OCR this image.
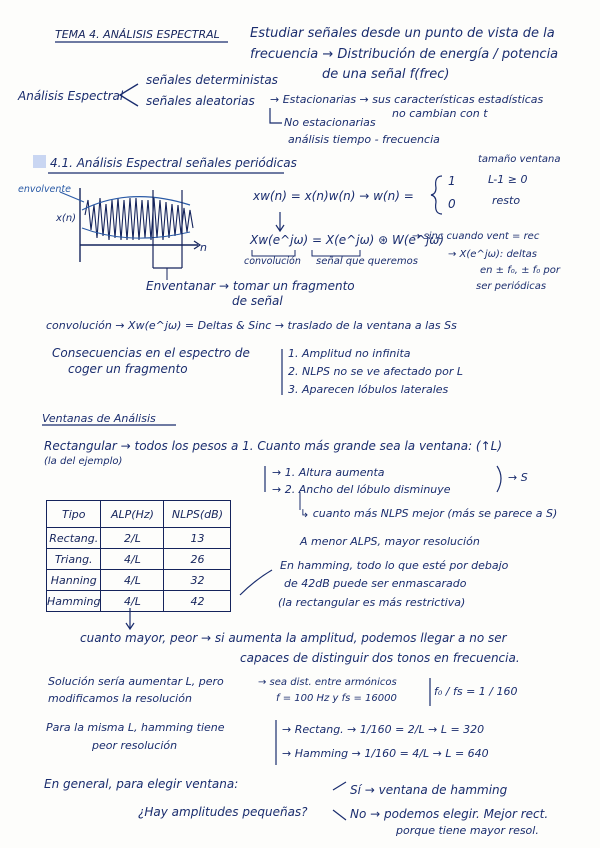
TEMA 4. ANÁLISIS ESPECTRAL Estudiar señales desde un punto de vista de la
frecuencia → Distribución de energía / potencia
de una señal f(frec)
Análisis Espectral
señales deterministas
señales aleatorias → Estacionarias → sus características estadísticas
no cambian con t
No estacionarias
análisis tiempo - frecuencia
4.1. Análisis Espectral señales periódicas
envolvente
x(n)
n
xw(n) = x(n)w(n) → w(n) =
1
0
tamaño ventana
L-1 ≥ 0
resto
Xw(e^jω) = X(e^jω) ⊛ W(e^jω)
convolución
→ sinc cuando vent = rec
señal que queremos
→ X(e^jω): deltas
en ± f₀, ± f₀ por
ser periódicas
Enventanar → tomar un fragmento
de señal
convolución → Xw(e^jω) = Deltas & Sinc → traslado de la ventana a las Ss
Consecuencias en el espectro de
coger un fragmento
1. Amplitud no infinita
2. NLPS no se ve afectado por L
3. Aparecen lóbulos laterales
Ventanas de Análisis
Rectangular → todos los pesos a 1. Cuanto más grande sea la ventana: (↑L)
(la del ejemplo)
→ 1. Altura aumenta
→ 2. Ancho del lóbulo disminuye
→ S
↳ cuanto más NLPS mejor (más se parece a S)
A menor ALPS, mayor resolución
Tipo	ALP(Hz)	NLPS(dB)
Rectang.	2/L	13
Triang.	4/L	26
Hanning	4/L	32
Hamming	4/L	42
En hamming, todo lo que esté por debajo
de 42dB puede ser enmascarado
(la rectangular es más restrictiva)
cuanto mayor, peor → si aumenta la amplitud, podemos llegar a no ser
capaces de distinguir dos tonos en frecuencia.
Solución sería aumentar L, pero
modificamos la resolución
→ sea dist. entre armónicos
f = 100 Hz y fs = 16000
f₀ / fs = 1 / 160
Para la misma L, hamming tiene
peor resolución
→ Rectang. → 1/160 = 2/L → L = 320
→ Hamming → 1/160 = 4/L → L = 640
En general, para elegir ventana:
¿Hay amplitudes pequeñas?
Sí → ventana de hamming
No → podemos elegir. Mejor rect.
porque tiene mayor resol.
